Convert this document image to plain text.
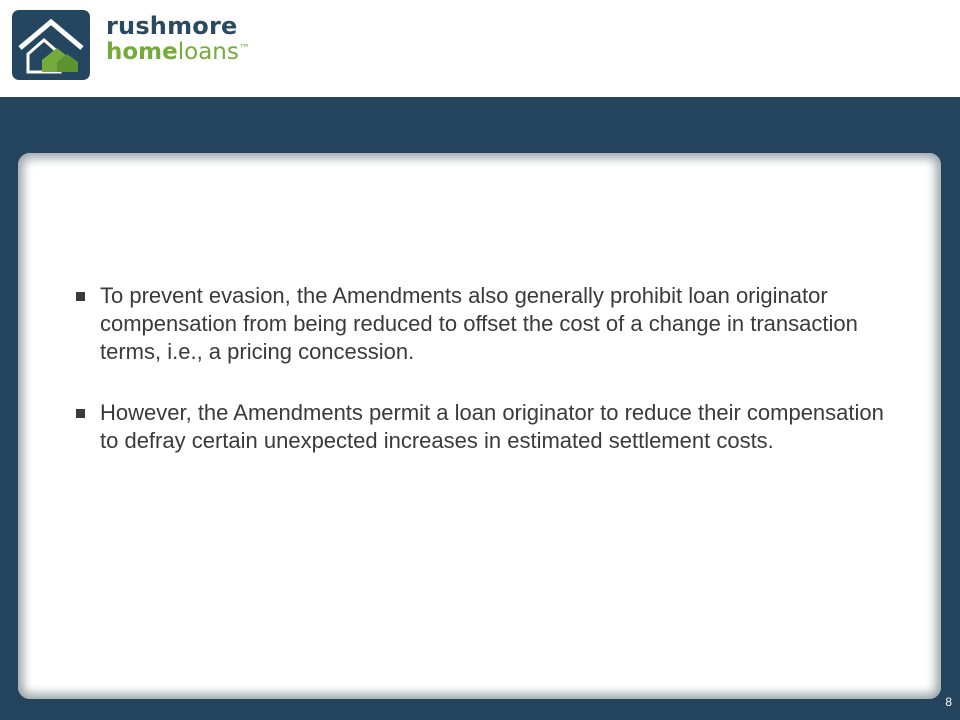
rushmore
homeloans™
To prevent evasion, the Amendments also generally prohibit loan originator compensation from being reduced to offset the cost of a change in transaction terms, i.e., a pricing concession.
However, the Amendments permit a loan originator to reduce their compensation to defray certain unexpected increases in estimated settlement costs.
8
